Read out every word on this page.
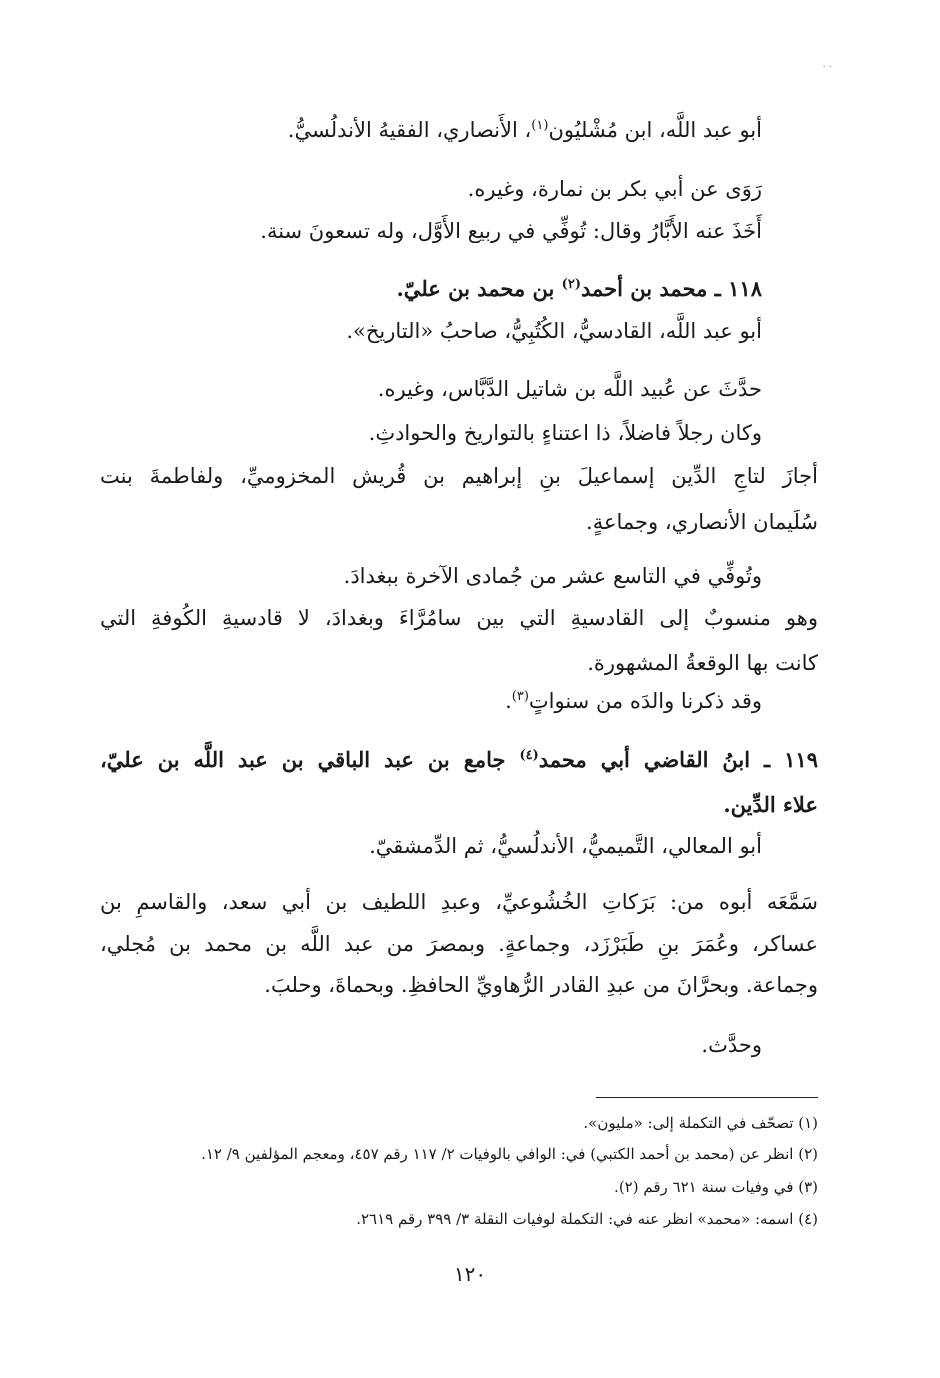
· ·
أبو عبد اللَّه، ابن مُشْليُون$^{(١)}$، الأَنصاري، الفقيهُ الأندلُسيُّ.
رَوَى عن أبي بكر بن نمارة، وغيره.
أَخَذَ عنه الأَبَّارُ وقال: تُوفِّي في ربيع الأَوَّل، وله تسعونَ سنة.
١١٨ ـ محمد بن أحمد$^{(٢)}$ بن محمد بن عليّ.
أبو عبد اللَّه، القادسيُّ، الكُتُبِيُّ، صاحبُ «التاريخ».
حدَّثَ عن عُبيد اللَّه بن شاتيل الدَّبَّاس، وغيره.
وكان رجلاً فاضلاً، ذا اعتناءٍ بالتواريخ والحوادثِ.
أجازَ لتاجِ الدِّين إسماعيلَ بنِ إبراهيم بن قُريش المخزوميِّ، ولفاطمةَ بنت
سُلَيمان الأنصاري، وجماعةٍ.
وتُوفِّي في التاسع عشر من جُمادى الآخرة ببغدادَ.
وهو منسوبٌ إلى القادسيةِ التي بين سامُرَّاءَ وبغدادَ، لا قادسيةِ الكُوفةِ التي
كانت بها الوقعةُ المشهورة.
وقد ذكرنا والدَه من سنواتٍ$^{(٣)}$.
١١٩ ـ ابنُ القاضي أبي محمد$^{(٤)}$ جامع بن عبد الباقي بن عبد اللَّه بن عليّ،
علاء الدِّين.
أبو المعالي، التَّميميُّ، الأندلُسيُّ، ثم الدِّمشقيّ.
سَمَّعَه أبوه من: بَرَكاتِ الخُشُوعيِّ، وعبدِ اللطيف بن أبي سعد، والقاسمِ بن
عساكر، وعُمَرَ بنِ طَبَرْزَد، وجماعةٍ. وبمصرَ من عبد اللَّه بن محمد بن مُجلي،
وجماعة. وبحرَّانَ من عبدِ القادر الرُّهاويِّ الحافظِ. وبحماةَ، وحلبَ.
وحدَّث.
(١) تصحّف في التكملة إلى: «مليون».
(٢) انظر عن (محمد بن أحمد الكتبي) في: الوافي بالوفيات ٢/ ١١٧ رقم ٤٥٧، ومعجم المؤلفين ٩/ ١٢.
(٣) في وفيات سنة ٦٢١ رقم (٢).
(٤) اسمه: «محمد» انظر عنه في: التكملة لوفيات النقلة ٣/ ٣٩٩ رقم ٢٦١٩.
١٢٠
